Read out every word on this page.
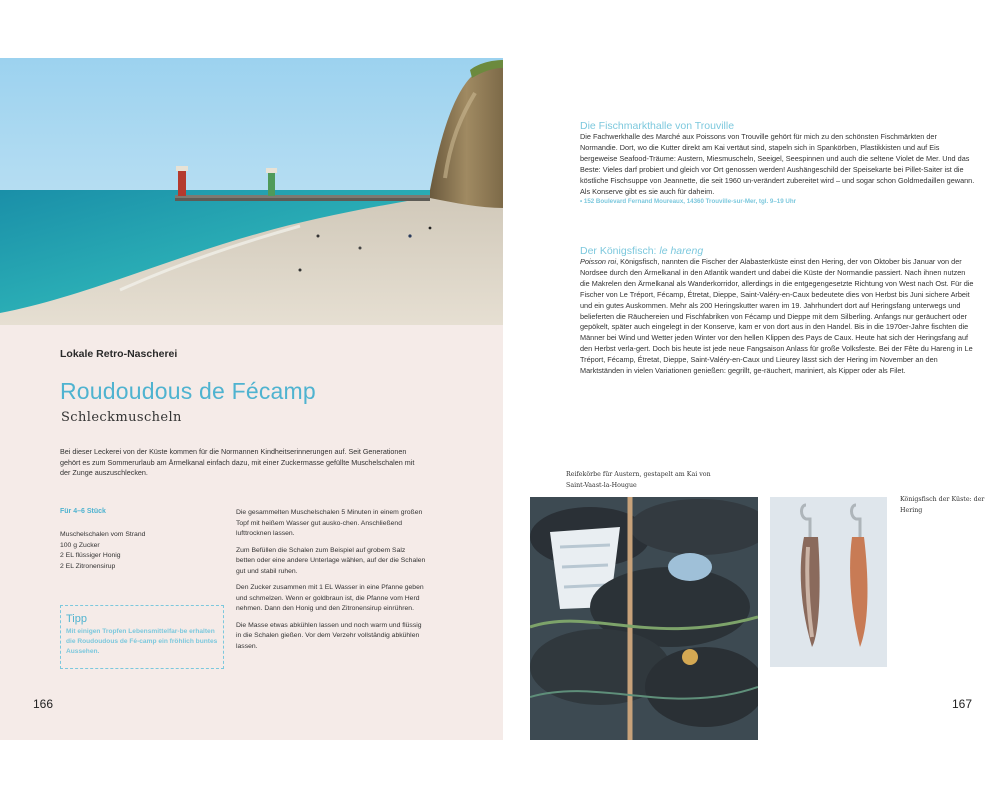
Lokale Retro-Nascherei
Roudoudous de Fécamp
Schleckmuscheln
Bei dieser Leckerei von der Küste kommen für die Normannen Kindheitserinnerungen auf. Seit Generationen gehört es zum Sommerurlaub am Ärmelkanal einfach dazu, mit einer Zuckermasse gefüllte Muschelschalen mit der Zunge auszuschlecken.
Für 4–6 Stück
Muschelschalen vom Strand
100 g Zucker
2 EL flüssiger Honig
2 EL Zitronensirup

Die gesammelten Muschelschalen 5 Minuten in einem großen Topf mit heißem Wasser gut ausko-chen. Anschließend lufttrocknen lassen.

Zum Befüllen die Schalen zum Beispiel auf grobem Salz betten oder eine andere Unterlage wählen, auf der die Schalen gut und stabil ruhen.

Den Zucker zusammen mit 1 EL Wasser in eine Pfanne geben und schmelzen. Wenn er goldbraun ist, die Pfanne vom Herd nehmen. Dann den Honig und den Zitronensirup einrühren.

Die Masse etwas abkühlen lassen und noch warm und flüssig in die Schalen gießen. Vor dem Verzehr vollständig abkühlen lassen.

Tipp
Mit einigen Tropfen Lebensmittelfar-be erhalten die Roudoudous de Fé-camp ein fröhlich buntes Aussehen.
166
Die Fischmarkthalle von Trouville
Die Fachwerkhalle des Marché aux Poissons von Trouville gehört für mich zu den schönsten Fischmärkten der Normandie. Dort, wo die Kutter direkt am Kai vertäut sind, stapeln sich in Spankörben, Plastikkisten und auf Eis bergeweise Seafood-Träume: Austern, Miesmuscheln, Seeigel, Seespinnen und auch die seltene Violet de Mer. Und das Beste: Vieles darf probiert und gleich vor Ort genossen werden! Aushängeschild der Speisekarte bei Pillet-Saiter ist die köstliche Fischsuppe von Jeannette, die seit 1960 un-verändert zubereitet wird – und sogar schon Goldmedaillen gewann. Als Konserve gibt es sie auch für daheim.
• 152 Boulevard Fernand Moureaux, 14360 Trouville-sur-Mer, tgl. 9–19 Uhr
Der Königsfisch: le hareng
Poisson roi, Königsfisch, nannten die Fischer der Alabasterküste einst den Hering, der von Oktober bis Januar von der Nordsee durch den Ärmelkanal in den Atlantik wandert und dabei die Küste der Normandie passiert. Nach ihnen nutzen die Makrelen den Ärmelkanal als Wanderkorridor, allerdings in die entgegengesetzte Richtung von West nach Ost. Für die Fischer von Le Tréport, Fécamp, Étretat, Dieppe, Saint-Valéry-en-Caux bedeutete dies von Herbst bis Juni sichere Arbeit und ein gutes Auskommen. Mehr als 200 Heringskutter waren im 19. Jahrhundert dort auf Heringsfang unterwegs und belieferten die Räuchereien und Fischfabriken von Fécamp und Dieppe mit dem Silberling. Anfangs nur geräuchert oder gepökelt, später auch eingelegt in der Konserve, kam er von dort aus in den Handel. Bis in die 1970er-Jahre fischten die Männer bei Wind und Wetter jeden Winter vor den hellen Klippen des Pays de Caux. Heute hat sich der Heringsfang auf den Herbst verla-gert. Doch bis heute ist jede neue Fangsaison Anlass für große Volksfeste. Bei der Fête du Hareng in Le Tréport, Fécamp, Étretat, Dieppe, Saint-Valéry-en-Caux und Lieurey lässt sich der Hering im November an den Marktständen in vielen Variationen genießen: gegrillt, ge-räuchert, mariniert, als Kipper oder als Filet.
Reifekörbe für Austern, gestapelt am Kai von Saint-Vaast-la-Hougue
Königsfisch der Küste: der Hering
167
